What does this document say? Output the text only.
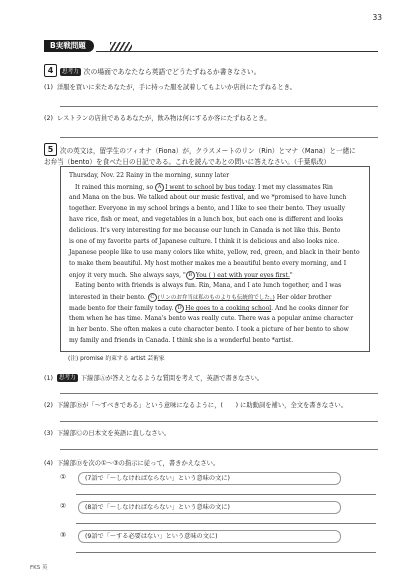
33
B実戦問題
4	思考力 次の場面であなたなら英語でどうたずねるか書きなさい。
(1) 洋服を買いに来たあなたが，手に持った服を試着してもよいか店員にたずねるとき。
(2) レストランの店員であるあなたが，飲み物は何にするか客にたずねるとき。
5	次の英文は，留学生のフィオナ（Fiona）が，クラスメートのリン（Rin）とマナ（Mana）と一緒に
お弁当（bento）を食べた日の日記である。これを読んであとの問いに答えなさい。（千葉県改）
Thursday, Nov. 22 Rainy in the morning, sunny later
It rained this morning, so A I went to school by bus today. I met my classmates Rin
and Mana on the bus. We talked about our music festival, and we *promised to have lunch
together. Everyone in my school brings a bento, and I like to see their bento. They usually
have rice, fish or meat, and vegetables in a lunch box, but each one is different and looks
delicious. It's very interesting for me because our lunch in Canada is not like this. Bento
is one of my favorite parts of Japanese culture. I think it is delicious and also looks nice.
Japanese people like to use many colors like white, yellow, red, green, and black in their bento
to make them beautiful. My host mother makes me a beautiful bento every morning, and I
enjoy it very much. She always says, " B You ( ) eat with your eyes first."
Eating bento with friends is always fun. Rin, Mana, and I ate lunch together, and I was
interested in their bento. C (リンのお弁当は私のものよりも伝統的でした。) Her older brother
made bento for their family today. D He goes to a cooking school. And he cooks dinner for
them when he has time. Mana's bento was really cute. There was a popular anime character
in her bento. She often makes a cute character bento. I took a picture of her bento to show
my family and friends in Canada. I think she is a wonderful bento *artist.
(注) promise 約束する artist 芸術家
(1) 思考力 下線部Ⓐが答えとなるような質問を考えて，英語で書きなさい。
(2) 下線部Ⓑが「～すべきである」という意味になるように，(　　) に助動詞を補い，全文を書きなさい。
(3) 下線部Ⓒの日本文を英語に直しなさい。
(4) 下線部Ⓓを次の①～③の指示に従って，書きかえなさい。
①	(7語で「～しなければならない」という意味の文に)
②	(8語で「～しなければならない」という意味の文に)
③	(9語で「～する必要はない」という意味の文に)
FKS 英
